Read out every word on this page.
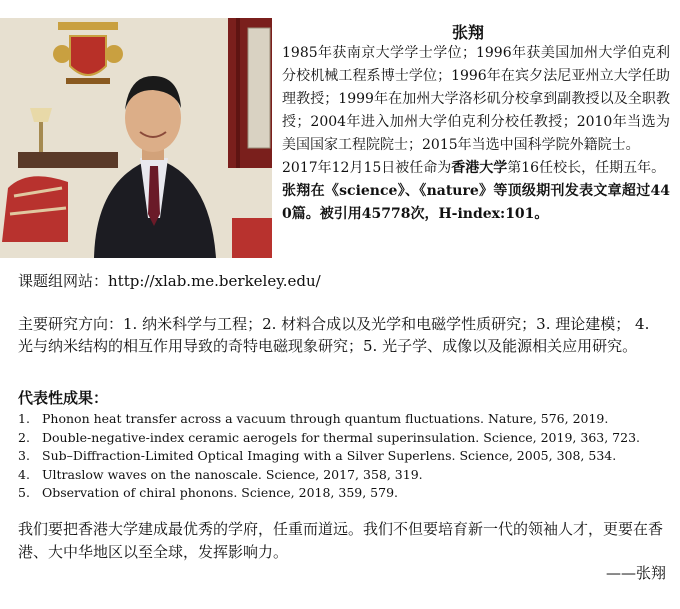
张翔
1985年获南京大学学士学位；1996年获美国加州大学伯克利分校机械工程系博士学位；1996年在宾夕法尼亚州立大学任助理教授；1999年在加州大学洛杉矶分校拿到副教授以及全职教授；2004年进入加州大学伯克利分校任教授；2010年当选为美国国家工程院院士；2015年当选中国科学院外籍院士。
2017年12月15日被任命为香港大学第16任校长，任期五年。
张翔在《science》、《nature》等顶级期刊发表文章超过440篇。被引用45778次，H-index:101。
课题组网站：http://xlab.me.berkeley.edu/
主要研究方向：1. 纳米科学与工程；2. 材料合成以及光学和电磁学性质研究；3. 理论建模； 4. 光与纳米结构的相互作用导致的奇特电磁现象研究；5. 光子学、成像以及能源相关应用研究。
代表性成果：
1. Phonon heat transfer across a vacuum through quantum fluctuations. Nature, 576, 2019.
2. Double-negative-index ceramic aerogels for thermal superinsulation. Science, 2019, 363, 723.
3. Sub–Diffraction-Limited Optical Imaging with a Silver Superlens. Science, 2005, 308, 534.
4. Ultraslow waves on the nanoscale. Science, 2017, 358, 319.
5. Observation of chiral phonons. Science, 2018, 359, 579.
我们要把香港大学建成最优秀的学府，任重而道远。我们不但要培育新一代的领袖人才，更要在香港、大中华地区以至全球，发挥影响力。
——张翔
